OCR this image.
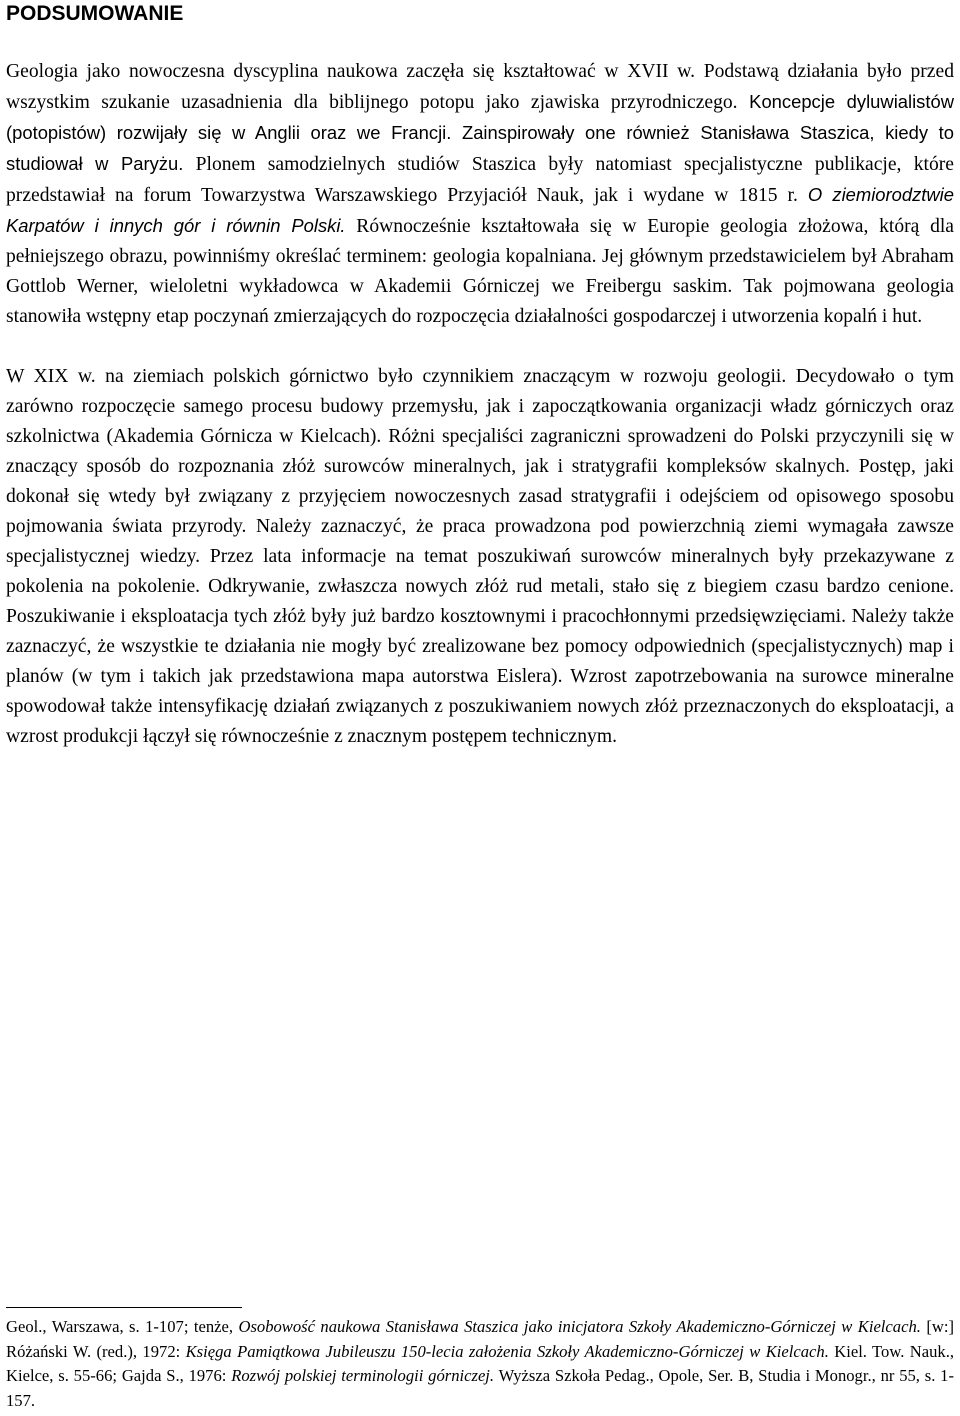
PODSUMOWANIE

Geologia jako nowoczesna dyscyplina naukowa zaczęła się kształtować w XVII w. Podstawą działania było przed wszystkim szukanie uzasadnienia dla biblijnego potopu jako zjawiska przyrodniczego. Koncepcje dyluwialistów (potopistów) rozwijały się w Anglii oraz we Francji. Zainspirowały one również Stanisława Staszica, kiedy to studiował w Paryżu. Plonem samodzielnych studiów Staszica były natomiast specjalistyczne publikacje, które przedstawiał na forum Towarzystwa Warszawskiego Przyjaciół Nauk, jak i wydane w 1815 r. O ziemiorodztwie Karpatów i innych gór i równin Polski. Równocześnie kształtowała się w Europie geologia złożowa, którą dla pełniejszego obrazu, powinniśmy określać terminem: geologia kopalniana. Jej głównym przedstawicielem był Abraham Gottlob Werner, wieloletni wykładowca w Akademii Górniczej we Freibergu saskim. Tak pojmowana geologia stanowiła wstępny etap poczynań zmierzających do rozpoczęcia działalności gospodarczej i utworzenia kopalń i hut.

W XIX w. na ziemiach polskich górnictwo było czynnikiem znaczącym w rozwoju geologii. Decydowało o tym zarówno rozpoczęcie samego procesu budowy przemysłu, jak i zapoczątkowania organizacji władz górniczych oraz szkolnictwa (Akademia Górnicza w Kielcach). Różni specjaliści zagraniczni sprowadzeni do Polski przyczynili się w znaczący sposób do rozpoznania złóż surowców mineralnych, jak i stratygrafii kompleksów skalnych. Postęp, jaki dokonał się wtedy był związany z przyjęciem nowoczesnych zasad stratygrafii i odejściem od opisowego sposobu pojmowania świata przyrody. Należy zaznaczyć, że praca prowadzona pod powierzchnią ziemi wymagała zawsze specjalistycznej wiedzy. Przez lata informacje na temat poszukiwań surowców mineralnych były przekazywane z pokolenia na pokolenie. Odkrywanie, zwłaszcza nowych złóż rud metali, stało się z biegiem czasu bardzo cenione. Poszukiwanie i eksploatacja tych złóż były już bardzo kosztownymi i pracochłonnymi przedsięwzięciami. Należy także zaznaczyć, że wszystkie te działania nie mogły być zrealizowane bez pomocy odpowiednich (specjalistycznych) map i planów (w tym i takich jak przedstawiona mapa autorstwa Eislera). Wzrost zapotrzebowania na surowce mineralne spowodował także intensyfikację działań związanych z poszukiwaniem nowych złóż przeznaczonych do eksploatacji, a wzrost produkcji łączył się równocześnie z znacznym postępem technicznym.

Geol., Warszawa, s. 1-107; tenże, Osobowość naukowa Stanisława Staszica jako inicjatora Szkoły Akademiczno-Górniczej w Kielcach. [w:] Różański W. (red.), 1972: Księga Pamiątkowa Jubileuszu 150-lecia założenia Szkoły Akademiczno-Górniczej w Kielcach. Kiel. Tow. Nauk., Kielce, s. 55-66; Gajda S., 1976: Rozwój polskiej terminologii górniczej. Wyższa Szkoła Pedag., Opole, Ser. B, Studia i Monogr., nr 55, s. 1-157.
